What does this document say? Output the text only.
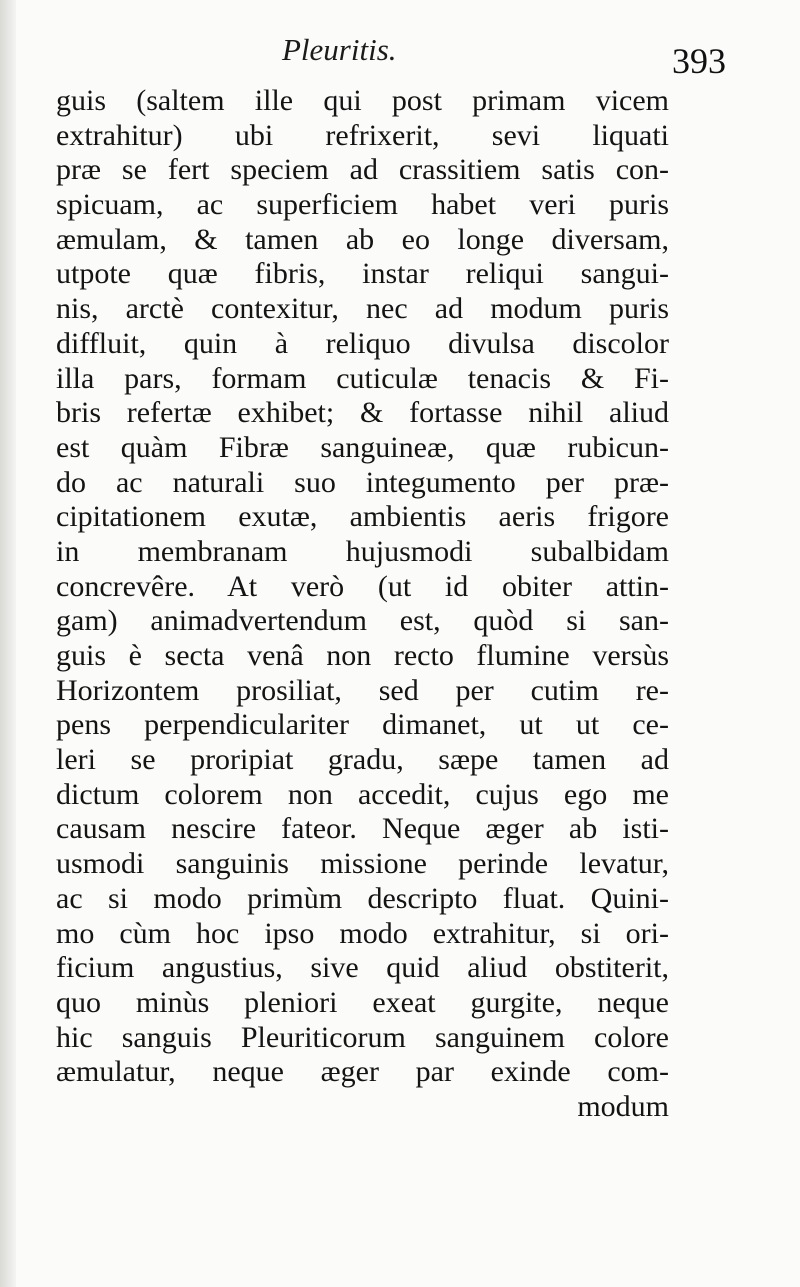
Pleuritis.	393
guis (saltem ille qui post primam vicem
extrahitur) ubi refrixerit, sevi liquati
præ se fert speciem ad crassitiem satis con-
spicuam, ac superficiem habet veri puris
æmulam, & tamen ab eo longe diversam,
utpote quæ fibris, instar reliqui sangui-
nis, arctè contexitur, nec ad modum puris
diffluit, quin à reliquo divulsa discolor
illa pars, formam cuticulæ tenacis & Fi-
bris refertæ exhibet; & fortasse nihil aliud
est quàm Fibræ sanguineæ, quæ rubicun-
do ac naturali suo integumento per præ-
cipitationem exutæ, ambientis aeris frigore
in membranam hujusmodi subalbidam
concrevêre. At verò (ut id obiter attin-
gam) animadvertendum est, quòd si san-
guis è secta venâ non recto flumine versùs
Horizontem prosiliat, sed per cutim re-
pens perpendiculariter dimanet, ut ut ce-
leri se proripiat gradu, sæpe tamen ad
dictum colorem non accedit, cujus ego me
causam nescire fateor. Neque æger ab isti-
usmodi sanguinis missione perinde levatur,
ac si modo primùm descripto fluat. Quini-
mo cùm hoc ipso modo extrahitur, si ori-
ficium angustius, sive quid aliud obstiterit,
quo minùs pleniori exeat gurgite, neque
hic sanguis Pleuriticorum sanguinem colore
æmulatur, neque æger par exinde com-
modum
